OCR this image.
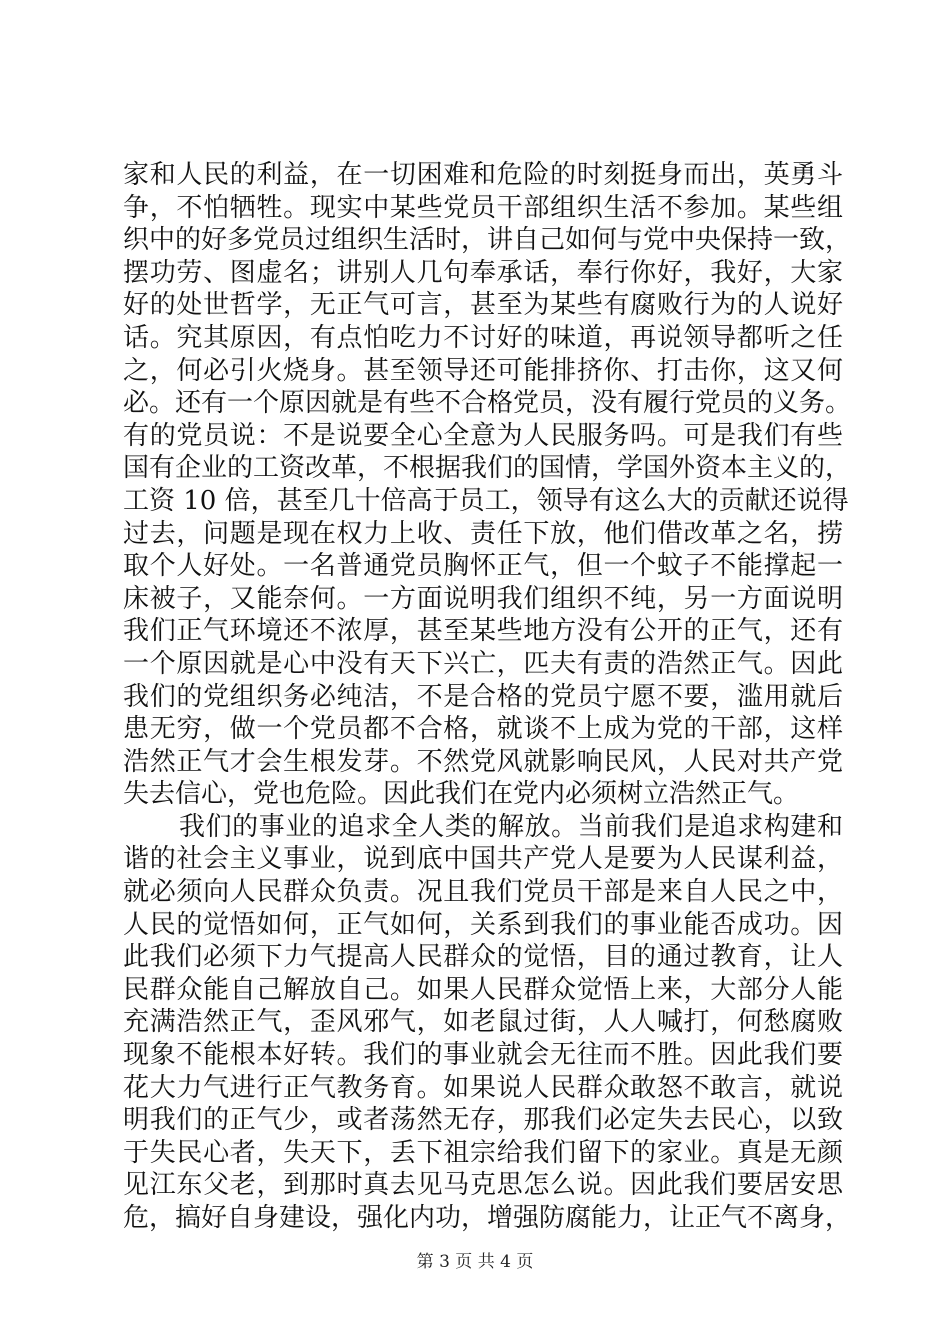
家和人民的利益，在一切困难和危险的时刻挺身而出，英勇斗
争，不怕牺牲。现实中某些党员干部组织生活不参加。某些组
织中的好多党员过组织生活时，讲自己如何与党中央保持一致，
摆功劳、图虚名；讲别人几句奉承话，奉行你好，我好，大家
好的处世哲学，无正气可言，甚至为某些有腐败行为的人说好
话。究其原因，有点怕吃力不讨好的味道，再说领导都听之任
之，何必引火烧身。甚至领导还可能排挤你、打击你，这又何
必。还有一个原因就是有些不合格党员，没有履行党员的义务。
有的党员说：不是说要全心全意为人民服务吗。可是我们有些
国有企业的工资改革，不根据我们的国情，学国外资本主义的，
工资 10 倍，甚至几十倍高于员工，领导有这么大的贡献还说得
过去，问题是现在权力上收、责任下放，他们借改革之名，捞
取个人好处。一名普通党员胸怀正气，但一个蚊子不能撑起一
床被子，又能奈何。一方面说明我们组织不纯，另一方面说明
我们正气环境还不浓厚，甚至某些地方没有公开的正气，还有
一个原因就是心中没有天下兴亡，匹夫有责的浩然正气。因此
我们的党组织务必纯洁，不是合格的党员宁愿不要，滥用就后
患无穷，做一个党员都不合格，就谈不上成为党的干部，这样
浩然正气才会生根发芽。不然党风就影响民风，人民对共产党
失去信心，党也危险。因此我们在党内必须树立浩然正气。
我们的事业的追求全人类的解放。当前我们是追求构建和
谐的社会主义事业，说到底中国共产党人是要为人民谋利益，
就必须向人民群众负责。况且我们党员干部是来自人民之中，
人民的觉悟如何，正气如何，关系到我们的事业能否成功。因
此我们必须下力气提高人民群众的觉悟，目的通过教育，让人
民群众能自己解放自己。如果人民群众觉悟上来，大部分人能
充满浩然正气，歪风邪气，如老鼠过街，人人喊打，何愁腐败
现象不能根本好转。我们的事业就会无往而不胜。因此我们要
花大力气进行正气教务育。如果说人民群众敢怒不敢言，就说
明我们的正气少，或者荡然无存，那我们必定失去民心，以致
于失民心者，失天下，丢下祖宗给我们留下的家业。真是无颜
见江东父老，到那时真去见马克思怎么说。因此我们要居安思
危，搞好自身建设，强化内功，增强防腐能力，让正气不离身，
第 3 页 共 4 页
